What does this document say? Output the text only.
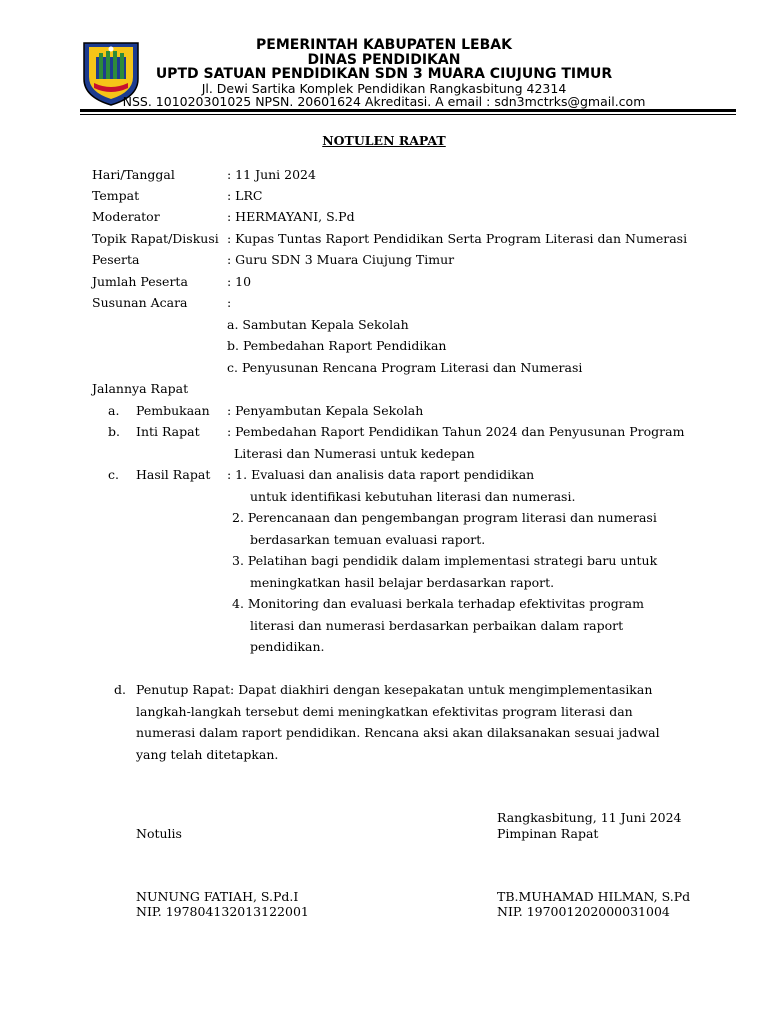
PEMERINTAH KABUPATEN LEBAK
DINAS PENDIDIKAN
UPTD SATUAN PENDIDIKAN SDN 3 MUARA CIUJUNG TIMUR
Jl. Dewi Sartika Komplek Pendidikan Rangkasbitung 42314
NSS. 101020301025 NPSN. 20601624 Akreditasi. A email : sdn3mctrks@gmail.com
NOTULEN RAPAT
Hari/Tanggal	: 11 Juni 2024
Tempat	: LRC
Moderator	: HERMAYANI, S.Pd
Topik Rapat/Diskusi : Kupas Tuntas Raport Pendidikan Serta Program Literasi dan Numerasi
Peserta	: Guru SDN 3 Muara Ciujung Timur
Jumlah Peserta	: 10
Susunan Acara	:
a. Sambutan Kepala Sekolah
b. Pembedahan Raport Pendidikan
c. Penyusunan Rencana Program Literasi dan Numerasi
Jalannya Rapat
a. Pembukaan : Penyambutan Kepala Sekolah
b. Inti Rapat : Pembedahan Raport Pendidikan Tahun 2024 dan Penyusunan Program
Literasi dan Numerasi untuk kedepan
c. Hasil Rapat : 1. Evaluasi dan analisis data raport pendidikan
untuk identifikasi kebutuhan literasi dan numerasi.
2. Perencanaan dan pengembangan program literasi dan numerasi
berdasarkan temuan evaluasi raport.
3. Pelatihan bagi pendidik dalam implementasi strategi baru untuk
meningkatkan hasil belajar berdasarkan raport.
4. Monitoring dan evaluasi berkala terhadap efektivitas program
literasi dan numerasi berdasarkan perbaikan dalam raport
pendidikan.
d. Penutup Rapat: Dapat diakhiri dengan kesepakatan untuk mengimplementasikan
langkah-langkah tersebut demi meningkatkan efektivitas program literasi dan
numerasi dalam raport pendidikan. Rencana aksi akan dilaksanakan sesuai jadwal
yang telah ditetapkan.
Rangkasbitung, 11 Juni 2024
Notulis	Pimpinan Rapat
NUNUNG FATIAH, S.Pd.I
NIP. 197804132013122001
TB.MUHAMAD HILMAN, S.Pd
NIP. 197001202000031004
